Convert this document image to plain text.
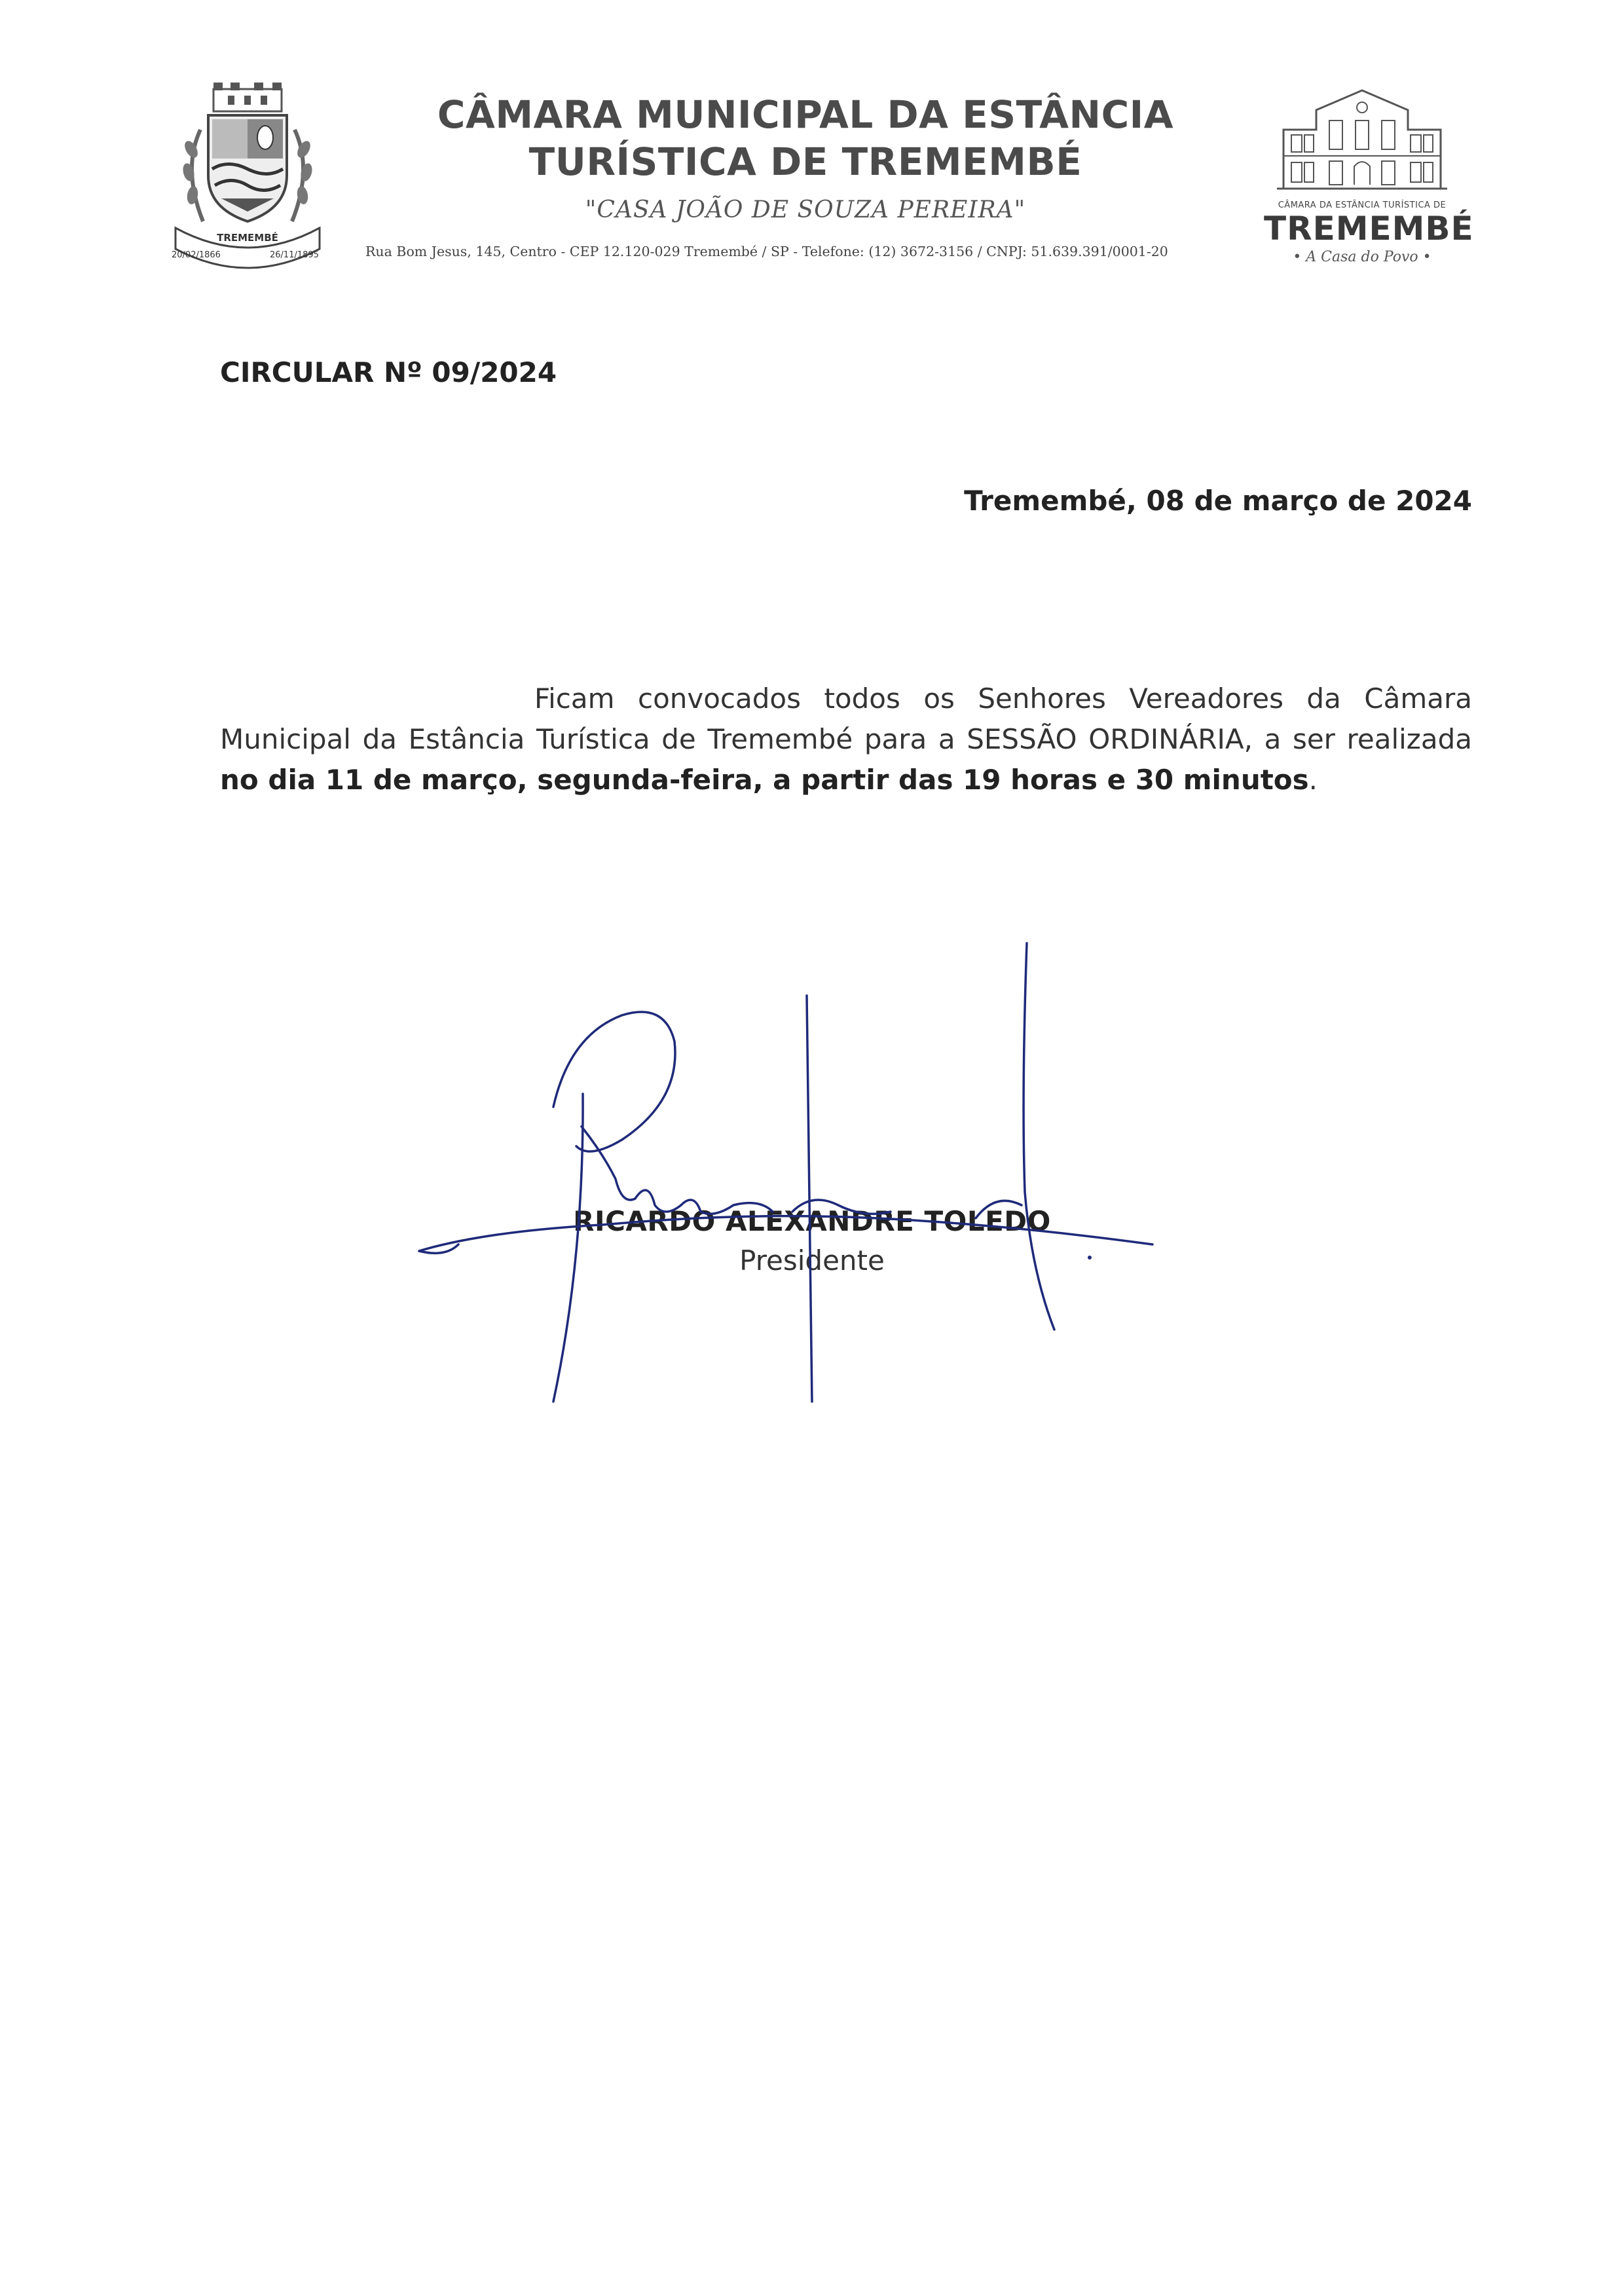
TREMEMBÉ
20/02/1866	26/11/1895
CÂMARA MUNICIPAL DA ESTÂNCIA
TURÍSTICA DE TREMEMBÉ
"CASA JOÃO DE SOUZA PEREIRA"
Rua Bom Jesus, 145, Centro - CEP 12.120-029 Tremembé / SP - Telefone: (12) 3672-3156 / CNPJ: 51.639.391/0001-20
CÂMARA DA ESTÂNCIA TURÍSTICA DE
TREMEMBÉ
• A Casa do Povo •
CIRCULAR Nº 09/2024
Tremembé, 08 de março de 2024
Ficam convocados todos os Senhores Vereadores da Câmara Municipal da Estância Turística de Tremembé para a SESSÃO ORDINÁRIA, a ser realizada no dia 11 de março, segunda-feira, a partir das 19 horas e 30 minutos.
RICARDO ALEXANDRE TOLEDO
Presidente
